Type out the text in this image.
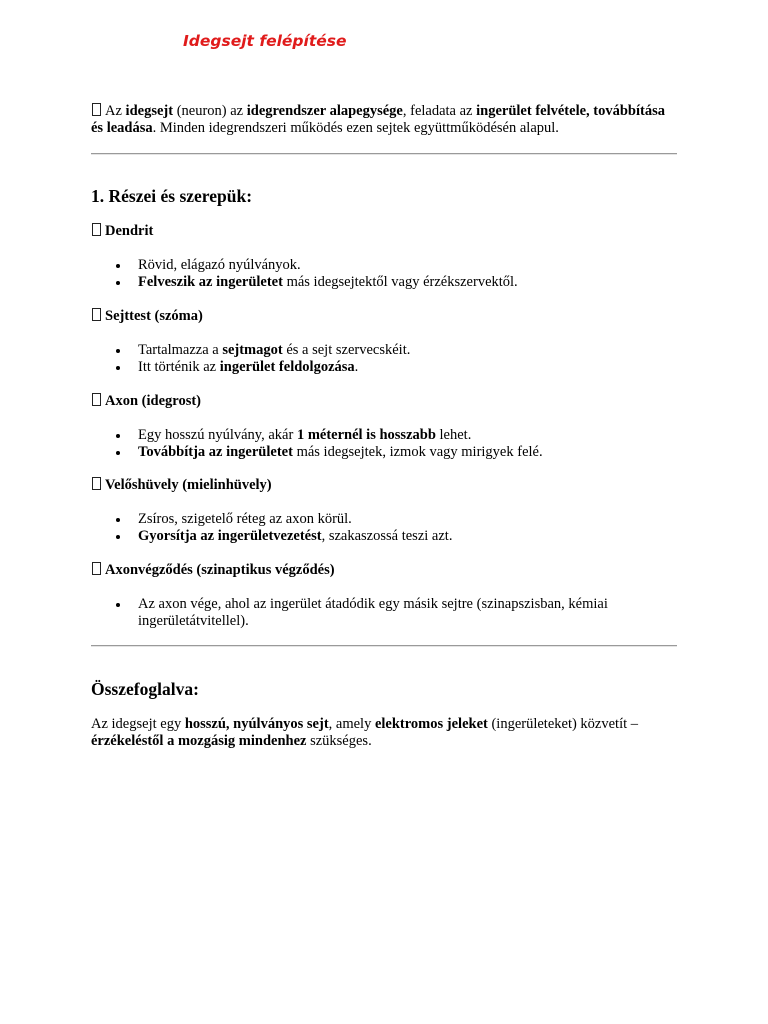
Idegsejt felépítése
Az idegsejt (neuron) az idegrendszer alapegysége, feladata az ingerület felvétele, továbbítása és leadása. Minden idegrendszeri működés ezen sejtek együttműködésén alapul.
1. Részei és szerepük:
Dendrit
Rövid, elágazó nyúlványok.
Felveszik az ingerületet más idegsejtektől vagy érzékszervektől.
Sejttest (szóma)
Tartalmazza a sejtmagot és a sejt szervecskéit.
Itt történik az ingerület feldolgozása.
Axon (idegrost)
Egy hosszú nyúlvány, akár 1 méternél is hosszabb lehet.
Továbbítja az ingerületet más idegsejtek, izmok vagy mirigyek felé.
Velőshüvely (mielinhüvely)
Zsíros, szigetelő réteg az axon körül.
Gyorsítja az ingerületvezetést, szakaszossá teszi azt.
Axonvégződés (szinaptikus végződés)
Az axon vége, ahol az ingerület átadódik egy másik sejtre (szinapszisban, kémiai ingerületátvitellel).
Összefoglalva:
Az idegsejt egy hosszú, nyúlványos sejt, amely elektromos jeleket (ingerületeket) közvetít – érzékeléstől a mozgásig mindenhez szükséges.
